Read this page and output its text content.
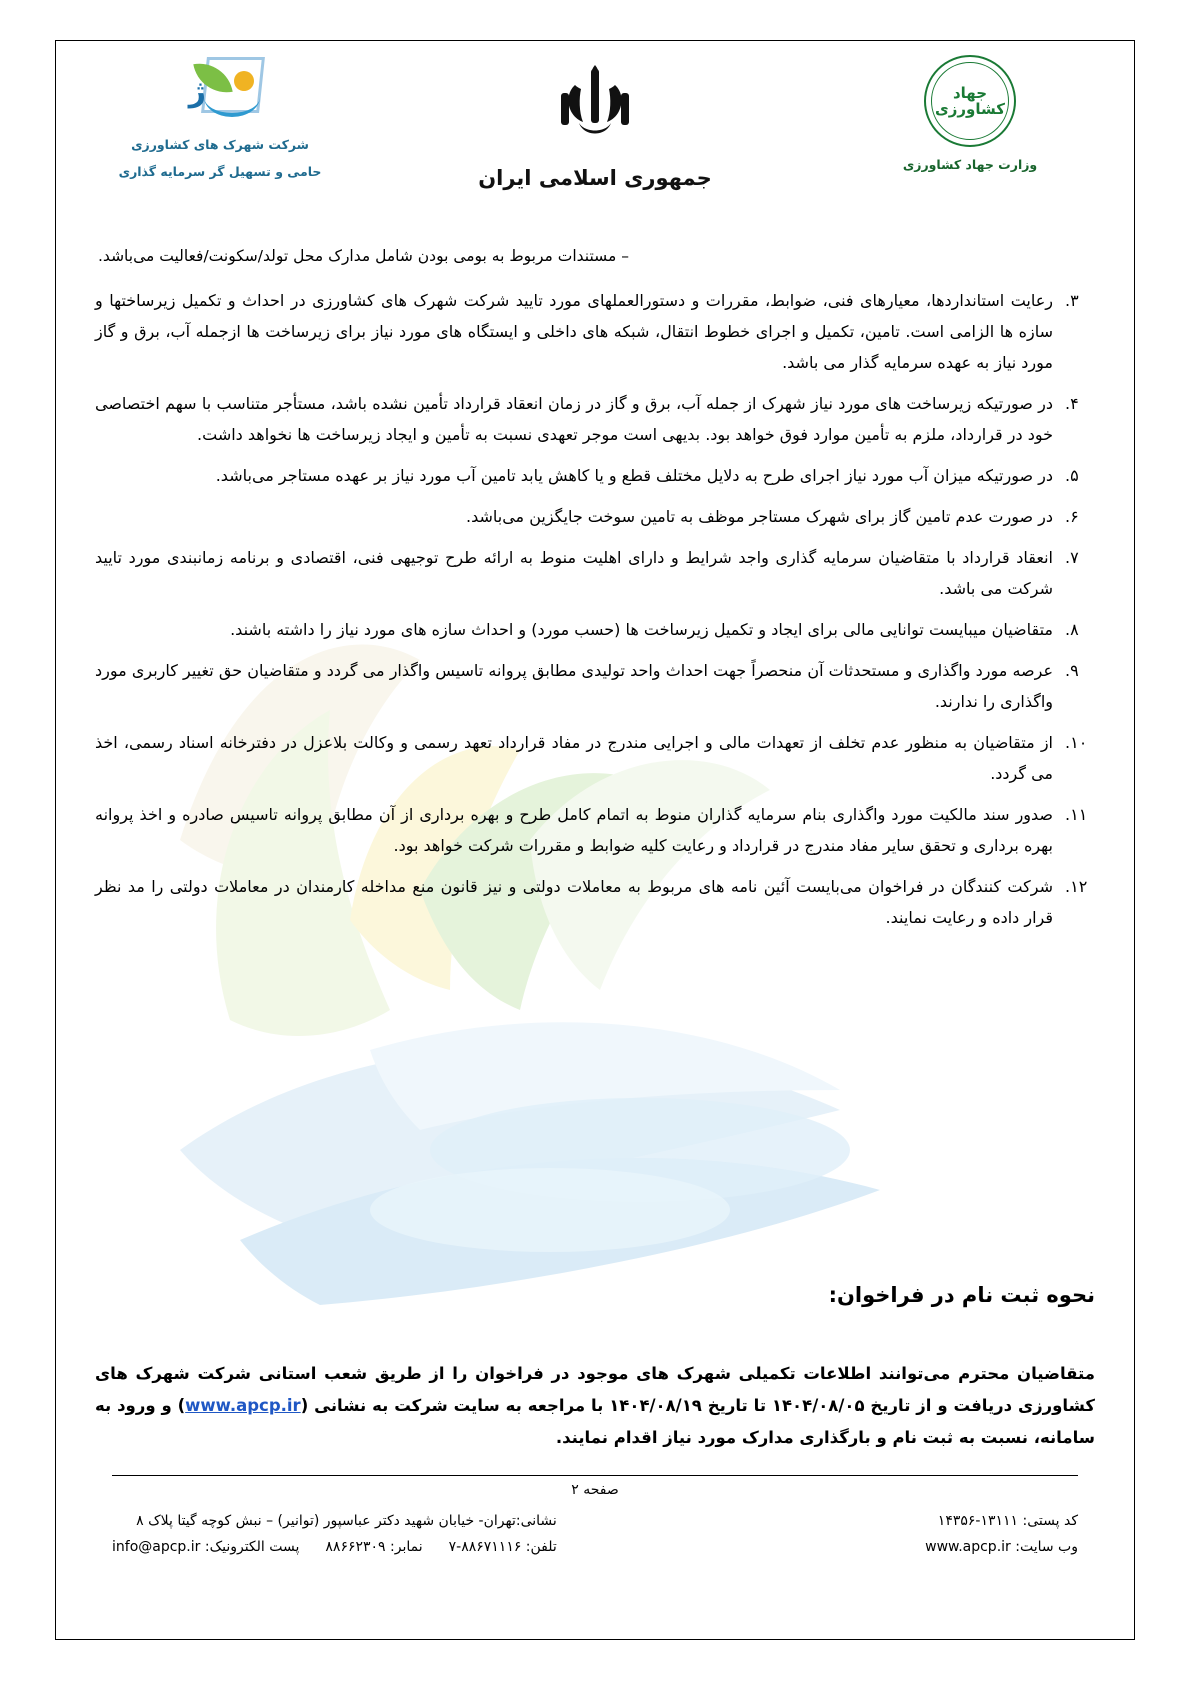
ژ
شرکت شهرک های کشاورزی
حامی و تسهیل گر سرمایه گذاری	جمهوری اسلامی ایران
جهاد کشاورزی
وزارت جهاد کشاورزی
– مستندات مربوط به بومی بودن شامل مدارک محل تولد/سکونت/فعالیت می‌باشد.
۳.
رعایت استانداردها، معیارهای فنی، ضوابط، مقررات و دستورالعملهای مورد تایید شرکت شهرک های کشاورزی در احداث و تکمیل زیرساختها و سازه ها الزامی است. تامین، تکمیل و اجرای خطوط انتقال، شبکه های داخلی و ایستگاه های مورد نیاز برای زیرساخت ها ازجمله آب، برق و گاز مورد نیاز به عهده سرمایه گذار می باشد.
۴.
در صورتیکه زیرساخت های مورد نیاز شهرک از جمله آب، برق و گاز در زمان انعقاد قرارداد تأمین نشده باشد، مستأجر متناسب با سهم اختصاصی خود در قرارداد، ملزم به تأمین موارد فوق خواهد بود. بدیهی است موجر تعهدی نسبت به تأمین و ایجاد زیرساخت ها نخواهد داشت.
۵.
در صورتیکه میزان آب مورد نیاز اجرای طرح به دلایل مختلف قطع و یا کاهش یابد تامین آب مورد نیاز بر عهده مستاجر می‌باشد.
۶.
در صورت عدم تامین گاز برای شهرک مستاجر موظف به تامین سوخت جایگزین می‌باشد.
۷.
انعقاد قرارداد با متقاضیان سرمایه گذاری واجد شرایط و دارای اهلیت منوط به ارائه طرح توجیهی فنی، اقتصادی و برنامه زمانبندی مورد تایید شرکت می باشد.
۸.
متقاضیان میبایست توانایی مالی برای ایجاد و تکمیل زیرساخت ها (حسب مورد) و احداث سازه های مورد نیاز را داشته باشند.
۹.
عرصه مورد واگذاری و مستحدثات آن منحصراً جهت احداث واحد تولیدی مطابق پروانه تاسیس واگذار می گردد و متقاضیان حق تغییر کاربری مورد واگذاری را ندارند.
۱۰.
از متقاضیان به منظور عدم تخلف از تعهدات مالی و اجرایی مندرج در مفاد قرارداد تعهد رسمی و وکالت بلاعزل در دفترخانه اسناد رسمی، اخذ می گردد.
۱۱.
صدور سند مالکیت مورد واگذاری بنام سرمایه گذاران منوط به اتمام کامل طرح و بهره برداری از آن مطابق پروانه تاسیس صادره و اخذ پروانه بهره برداری و تحقق سایر مفاد مندرج در قرارداد و رعایت کلیه ضوابط و مقررات شرکت خواهد بود.
۱۲.
شرکت کنندگان در فراخوان می‌بایست آئین نامه های مربوط به معاملات دولتی و نیز قانون منع مداخله کارمندان در معاملات دولتی را مد نظر قرار داده و رعایت نمایند.
نحوه ثبت نام در فراخوان:
متقاضیان محترم می‌توانند اطلاعات تکمیلی شهرک های موجود در فراخوان را از طریق شعب استانی شرکت شهرک های کشاورزی دریافت و از تاریخ ۱۴۰۴/۰۸/۰۵ تا تاریخ ۱۴۰۴/۰۸/۱۹ با مراجعه به سایت شرکت به نشانی (www.apcp.ir) و ورود به سامانه، نسبت به ثبت نام و بارگذاری مدارک مورد نیاز اقدام نمایند.
صفحه ۲
کد پستی: ۱۳۱۱۱-۱۴۳۵۶
وب سایت: www.apcp.ir
نشانی:تهران- خیابان شهید دکتر عباسپور (توانیر) – نبش کوچه گیتا پلاک ۸
تلفن: ۸۸۶۷۱۱۱۶-۷نمابر: ۸۸۶۶۲۳۰۹پست الکترونیک: info@apcp.ir
